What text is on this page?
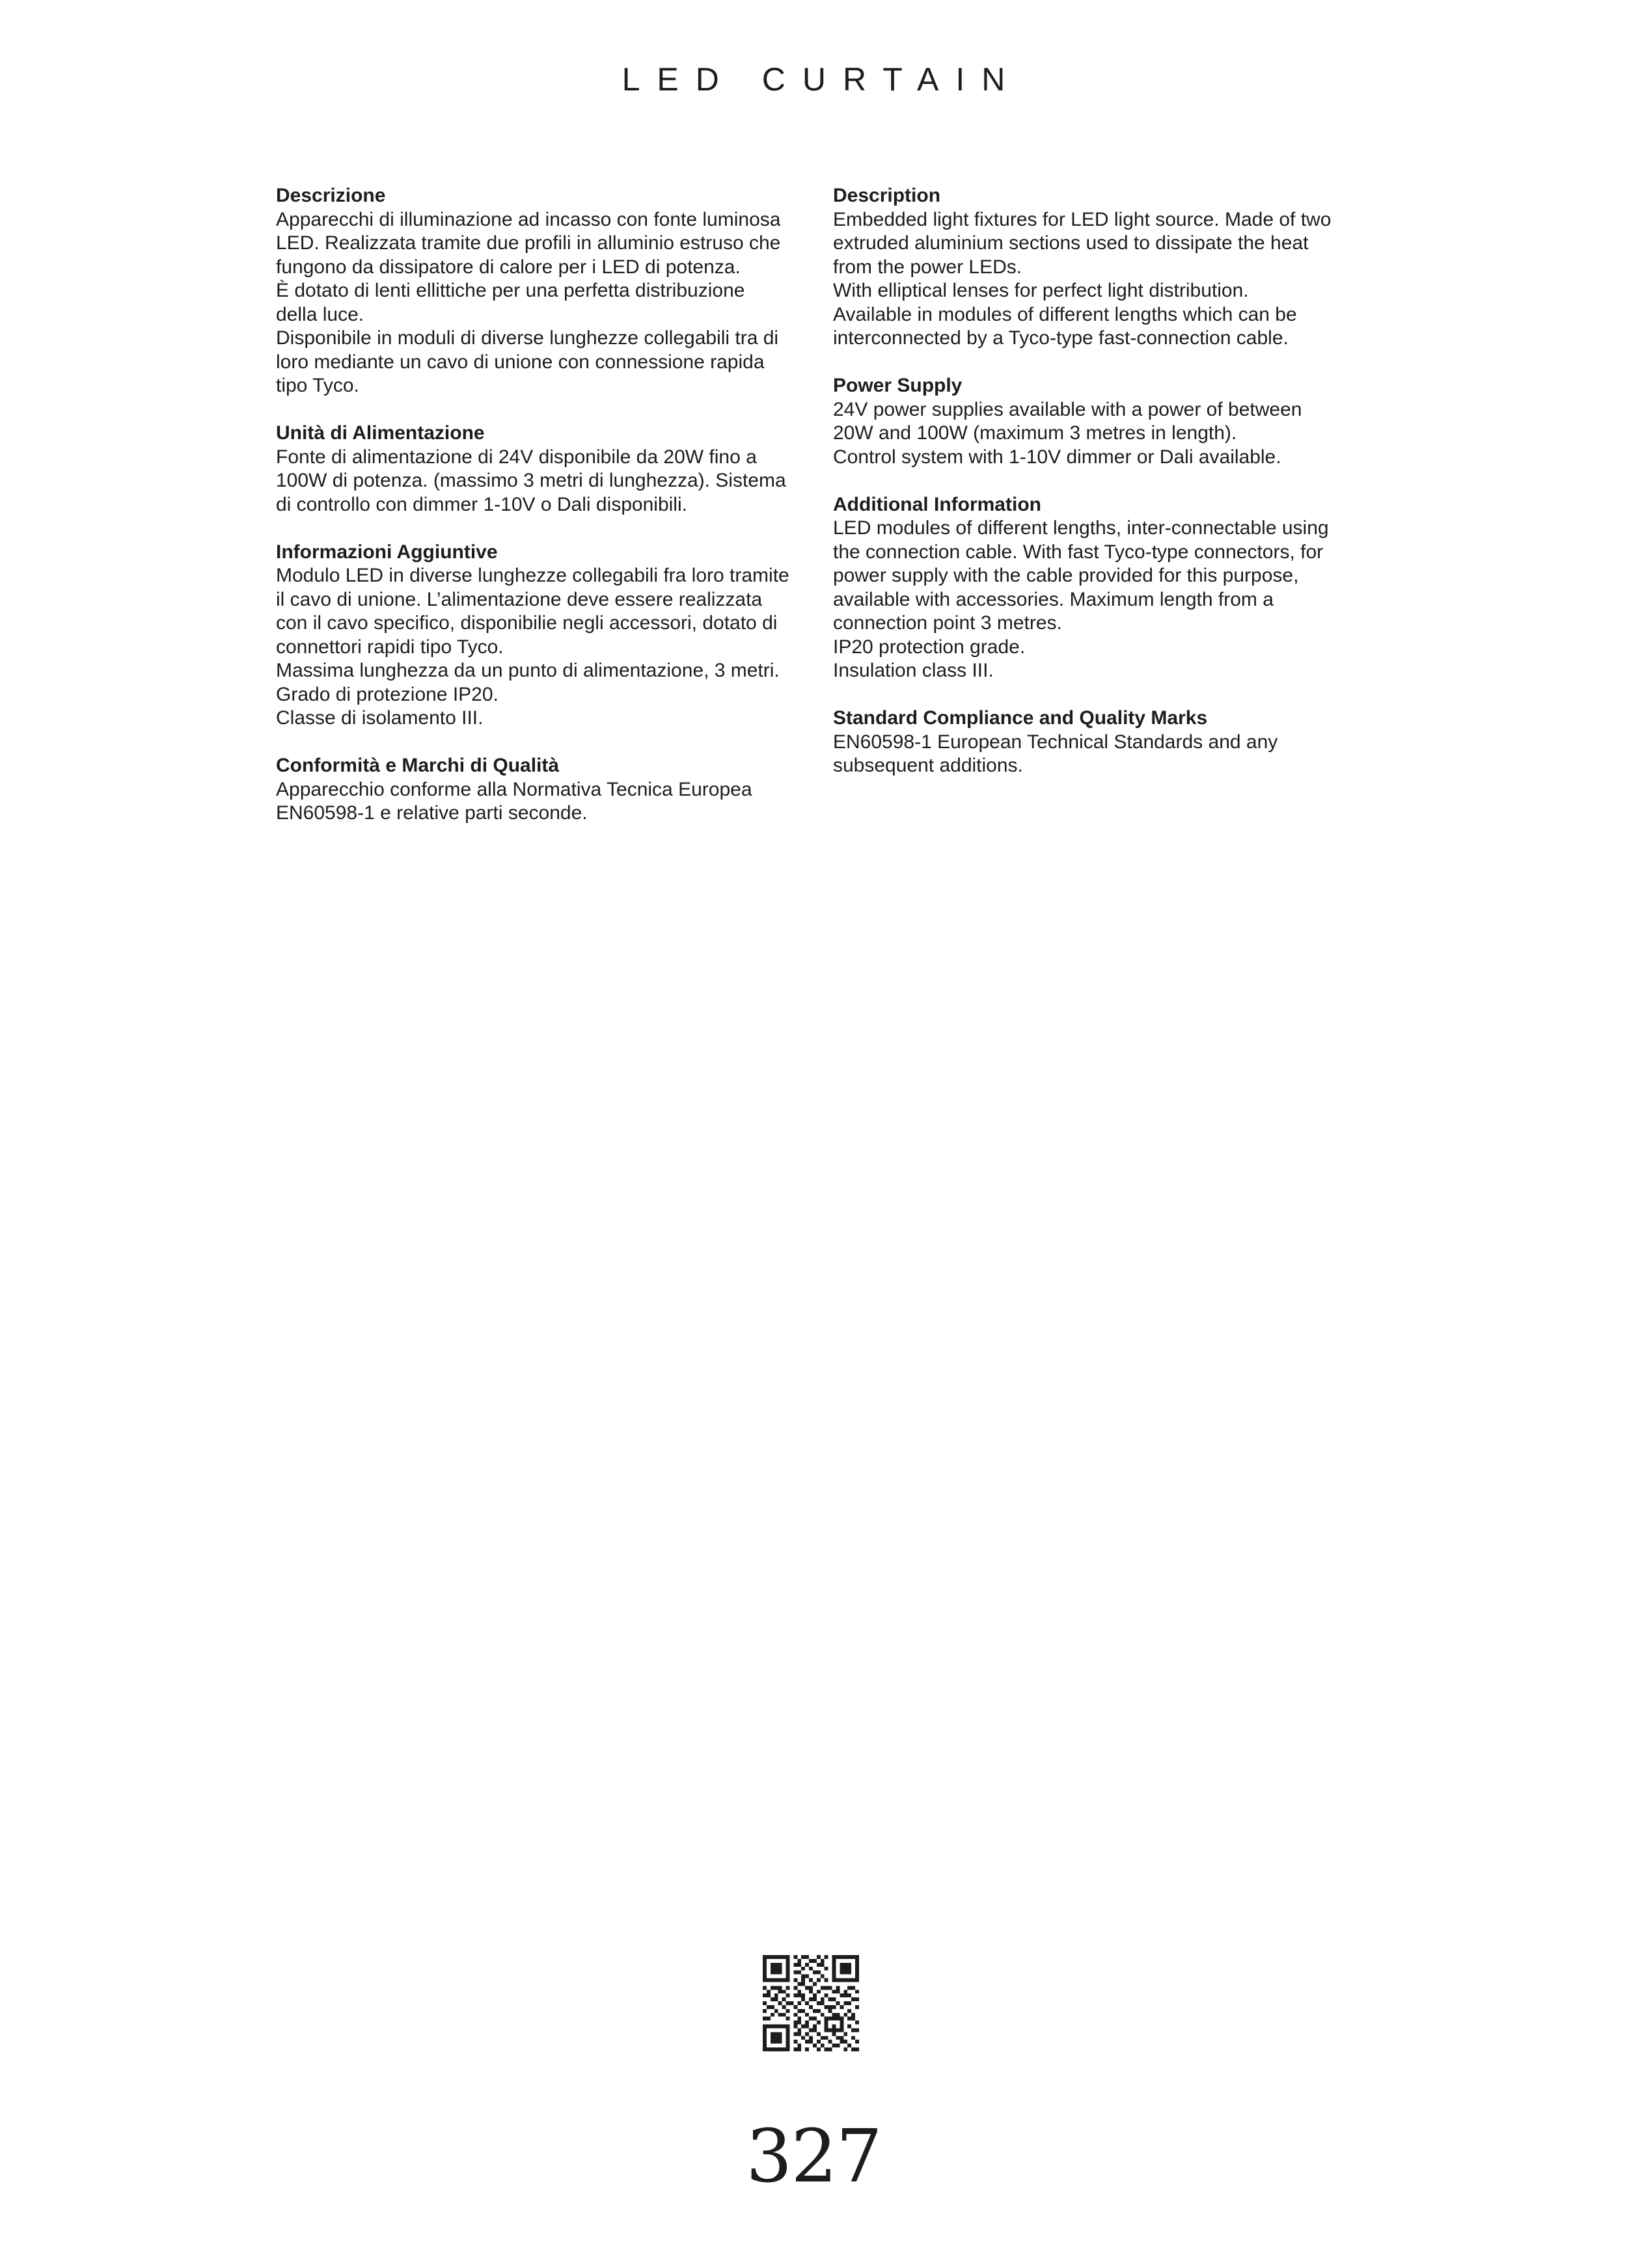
LED CURTAIN
Descrizione
Apparecchi di illuminazione ad incasso con fonte luminosa
LED. Realizzata tramite due profili in alluminio estruso che
fungono da dissipatore di calore per i LED di potenza.
È dotato di lenti ellittiche per una perfetta distribuzione
della luce.
Disponibile in moduli di diverse lunghezze collegabili tra di
loro mediante un cavo di unione con connessione rapida
tipo Tyco.
Unità di Alimentazione
Fonte di alimentazione di 24V disponibile da 20W fino a
100W di potenza. (massimo 3 metri di lunghezza). Sistema
di controllo con dimmer 1-10V o Dali disponibili.
Informazioni Aggiuntive
Modulo LED in diverse lunghezze collegabili fra loro tramite
il cavo di unione. L’alimentazione deve essere realizzata
con il cavo specifico, disponibilie negli accessori, dotato di
connettori rapidi tipo Tyco.
Massima lunghezza da un punto di alimentazione, 3 metri.
Grado di protezione IP20.
Classe di isolamento III.
Conformità e Marchi di Qualità
Apparecchio conforme alla Normativa Tecnica Europea
EN60598-1 e relative parti seconde.
Description
Embedded light fixtures for LED light source. Made of two
extruded aluminium sections used to dissipate the heat
from the power LEDs.
With elliptical lenses for perfect light distribution.
Available in modules of different lengths which can be
interconnected by a Tyco-type fast-connection cable.
Power Supply
24V power supplies available with a power of between
20W and 100W (maximum 3 metres in length).
Control system with 1-10V dimmer or Dali available.
Additional Information
LED modules of different lengths, inter-connectable using
the connection cable. With fast Tyco-type connectors, for
power supply with the cable provided for this purpose,
available with accessories. Maximum length from a
connection point 3 metres.
IP20 protection grade.
Insulation class III.
Standard Compliance and Quality Marks
EN60598-1 European Technical Standards and any
subsequent additions.
327
